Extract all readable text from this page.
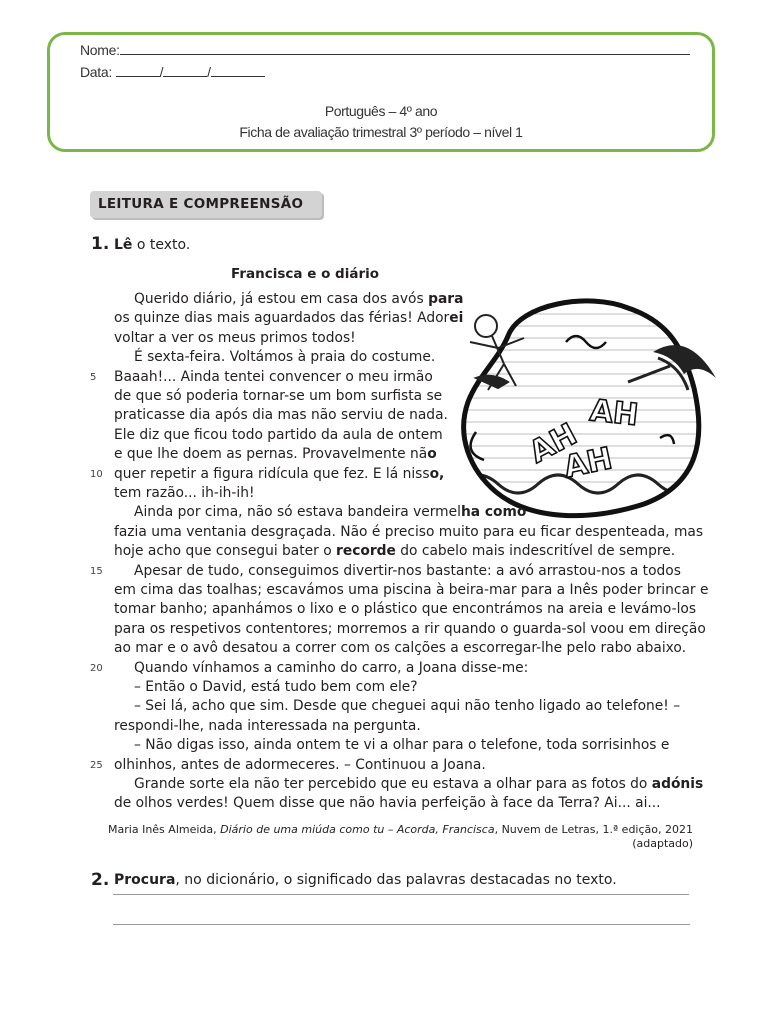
Nome:
Data:	/	/
Português – 4º ano
Ficha de avaliação trimestral 3º período – nível 1
LEITURA E COMPREENSÃO
1. Lê o texto.
Francisca e o diário
AH
AH
AH
Querido diário, já estou em casa dos avós para
os quinze dias mais aguardados das férias! Adorei
voltar a ver os meus primos todos!
É sexta-feira. Voltámos à praia do costume.
Baaah!... Ainda tentei convencer o meu irmão
5
de que só poderia tornar-se um bom surfista se
praticasse dia após dia mas não serviu de nada.
Ele diz que ficou todo partido da aula de ontem
e que lhe doem as pernas. Provavelmente não
quer repetir a figura ridícula que fez. E lá nisso,
10
tem razão... ih-ih-ih!
Ainda por cima, não só estava bandeira vermelha como
fazia uma ventania desgraçada. Não é preciso muito para eu ficar despenteada, mas
hoje acho que consegui bater o recorde do cabelo mais indescritível de sempre.
Apesar de tudo, conseguimos divertir-nos bastante: a avó arrastou-nos a todos
15
em cima das toalhas; escavámos uma piscina à beira-mar para a Inês poder brincar e
tomar banho; apanhámos o lixo e o plástico que encontrámos na areia e levámo-los
para os respetivos contentores; morremos a rir quando o guarda-sol voou em direção
ao mar e o avô desatou a correr com os calções a escorregar-lhe pelo rabo abaixo.
Quando vínhamos a caminho do carro, a Joana disse-me:
20
– Então o David, está tudo bem com ele?
– Sei lá, acho que sim. Desde que cheguei aqui não tenho ligado ao telefone! –
respondi-lhe, nada interessada na pergunta.
– Não digas isso, ainda ontem te vi a olhar para o telefone, toda sorrisinhos e
olhinhos, antes de adormeceres. – Continuou a Joana.
25
Grande sorte ela não ter percebido que eu estava a olhar para as fotos do adónis
de olhos verdes! Quem disse que não havia perfeição à face da Terra? Ai... ai...
Maria Inês Almeida, Diário de uma miúda como tu – Acorda, Francisca, Nuvem de Letras, 1.ª edição, 2021
(adaptado)
2. Procura, no dicionário, o significado das palavras destacadas no texto.
